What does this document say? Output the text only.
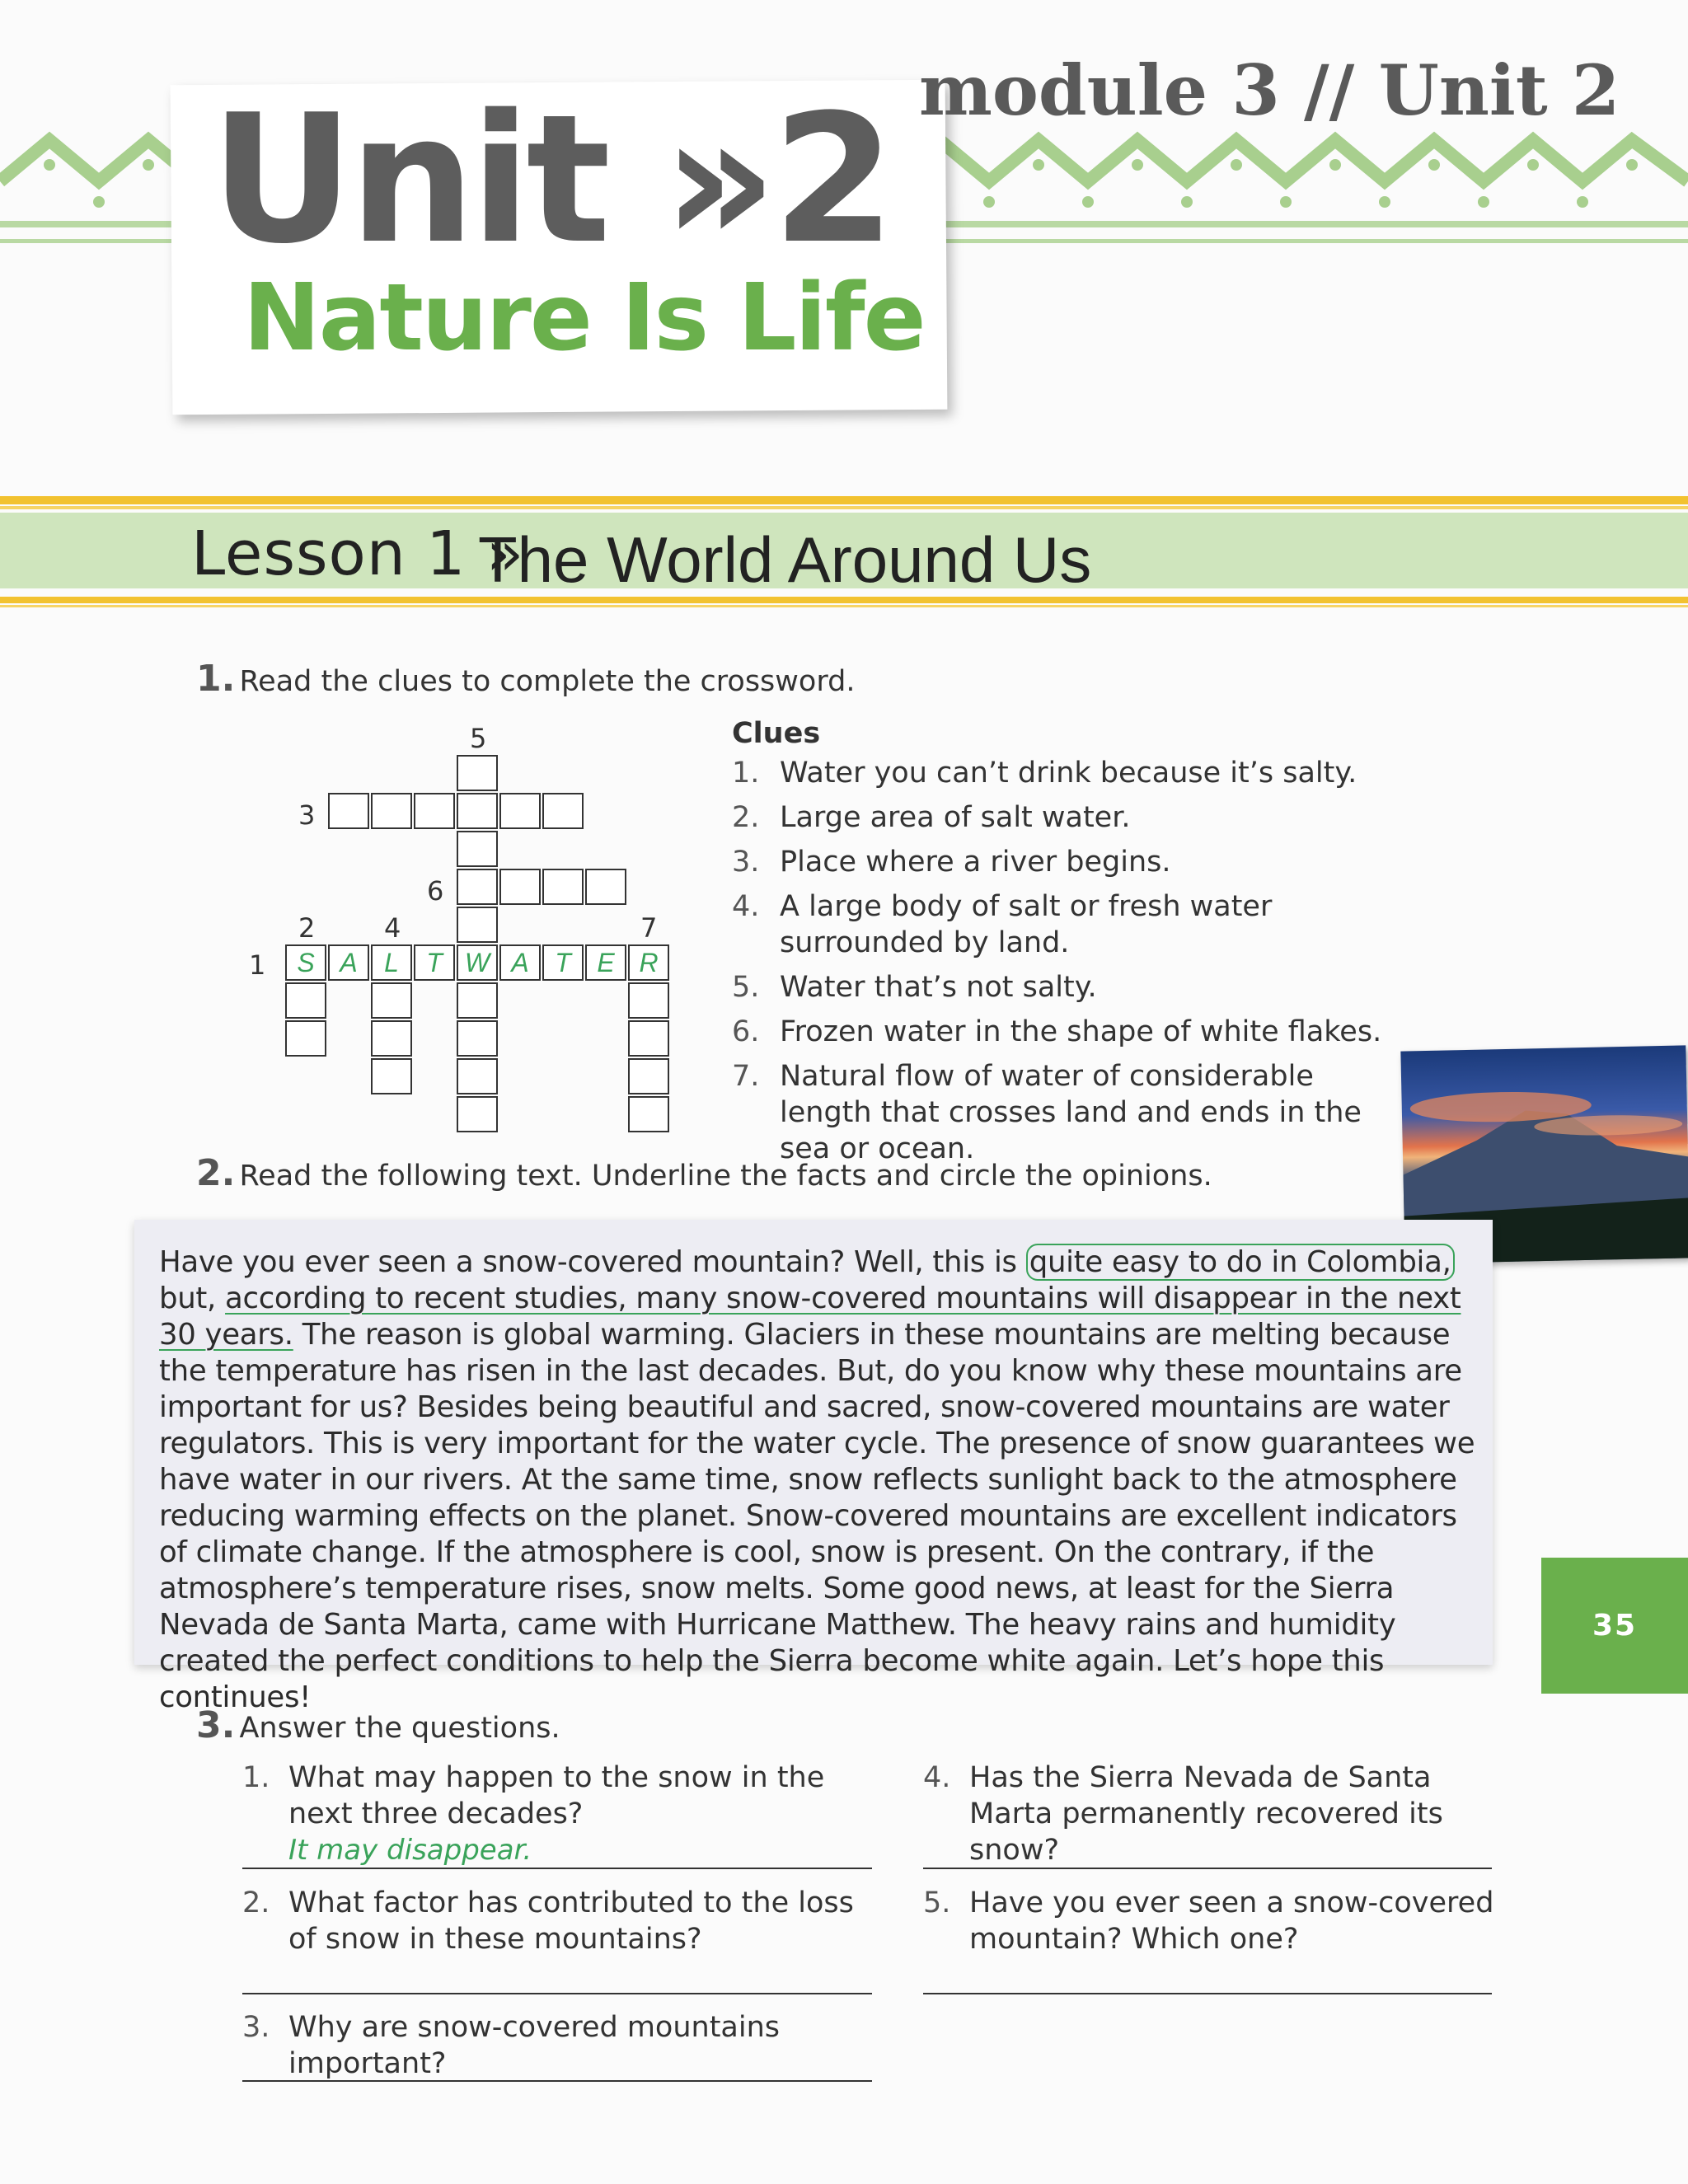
Unit »2
Nature Is Life
module 3 // Unit 2
Lesson 1 »
The World Around Us
1. Read the clues to complete the crossword.
5
3
6
2	4	7
1	S A	L	T W A T E R
Clues
1. Water you can’t drink because it’s salty.
2. Large area of salt water.
3. Place where a river begins.
4. A large body of salt or fresh water surrounded by land.
5. Water that’s not salty.
6. Frozen water in the shape of white flakes.
7. Natural flow of water of considerable length that crosses land and ends in the sea or ocean.
2. Read the following text. Underline the facts and circle the opinions.

Have you ever seen a snow-covered mountain? Well, this is quite easy to do in Colombia, but, according to recent studies, many snow-covered mountains will disappear in the next 30 years. The reason is global warming. Glaciers in these mountains are melting because the temperature has risen in the last decades. But, do you know why these mountains are important for us? Besides being beautiful and sacred, snow-covered mountains are water regulators. This is very important for the water cycle. The presence of snow guarantees we have water in our rivers. At the same time, snow reflects sunlight back to the atmosphere reducing warming effects on the planet. Snow-covered mountains are excellent indicators of climate change. If the atmosphere is cool, snow is present. On the contrary, if the atmosphere’s temperature rises, snow melts. Some good news, at least for the Sierra Nevada de Santa Marta, came with Hurricane Matthew. The heavy rains and humidity created the perfect conditions to help the Sierra become white again. Let’s hope this continues!

35
3. Answer the questions.
1. What may happen to the snow in the next three decades?
It may disappear.
2. What factor has contributed to the loss of snow in these mountains?
3. Why are snow-covered mountains important?
4. Has the Sierra Nevada de Santa Marta permanently recovered its snow?
5. Have you ever seen a snow-covered mountain? Which one?
